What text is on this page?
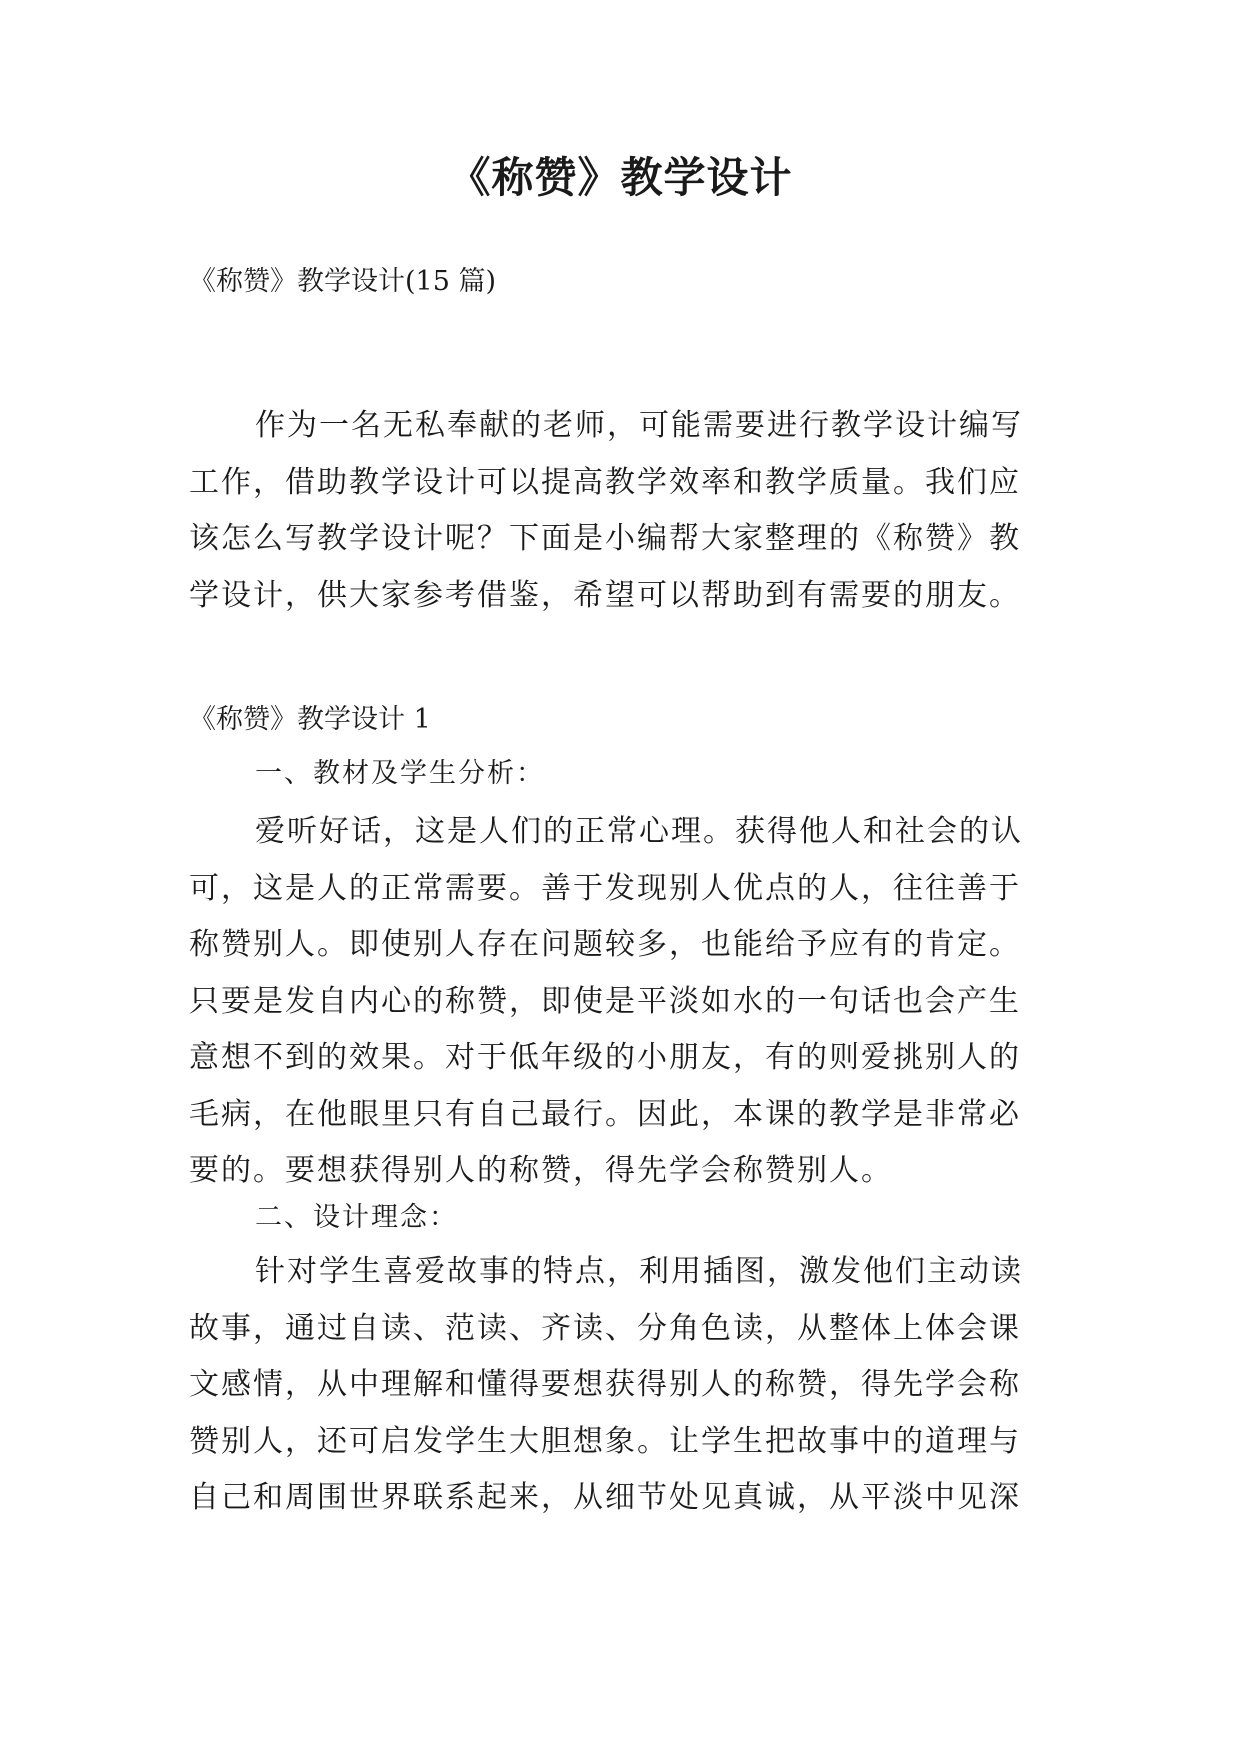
《称赞》教学设计

《称赞》教学设计(15 篇)

作为一名无私奉献的老师，可能需要进行教学设计编写
工作，借助教学设计可以提高教学效率和教学质量。我们应
该怎么写教学设计呢？下面是小编帮大家整理的《称赞》教
学设计，供大家参考借鉴，希望可以帮助到有需要的朋友。

《称赞》教学设计 1

一、教材及学生分析：

爱听好话，这是人们的正常心理。获得他人和社会的认
可，这是人的正常需要。善于发现别人优点的人，往往善于
称赞别人。即使别人存在问题较多，也能给予应有的肯定。
只要是发自内心的称赞，即使是平淡如水的一句话也会产生
意想不到的效果。对于低年级的小朋友，有的则爱挑别人的
毛病，在他眼里只有自己最行。因此，本课的教学是非常必
要的。要想获得别人的称赞，得先学会称赞别人。

二、设计理念：

针对学生喜爱故事的特点，利用插图，激发他们主动读
故事，通过自读、范读、齐读、分角色读，从整体上体会课
文感情，从中理解和懂得要想获得别人的称赞，得先学会称
赞别人，还可启发学生大胆想象。让学生把故事中的道理与
自己和周围世界联系起来，从细节处见真诚，从平淡中见深
